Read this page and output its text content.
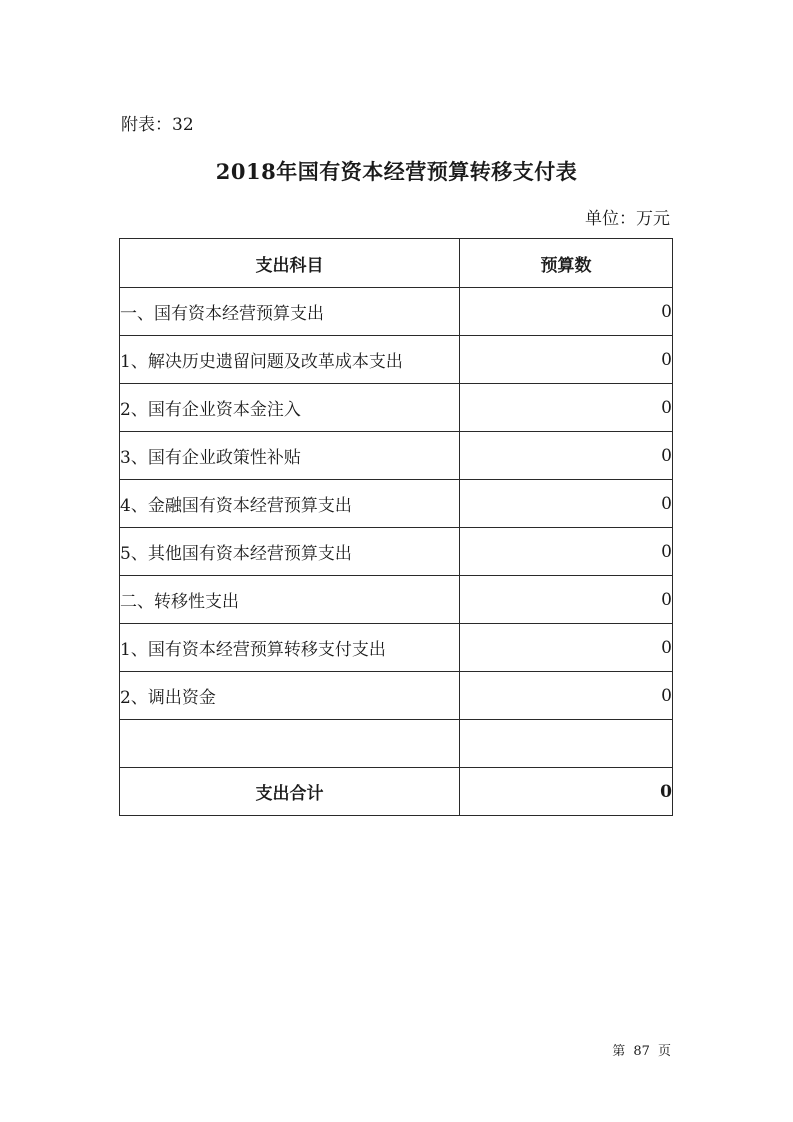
附表：32
2018年国有资本经营预算转移支付表
单位：万元
支出科目	预算数
一、国有资本经营预算支出	0
1、解决历史遗留问题及改革成本支出	0
2、国有企业资本金注入	0
3、国有企业政策性补贴	0
4、金融国有资本经营预算支出	0
5、其他国有资本经营预算支出	0
二、转移性支出	0
1、国有资本经营预算转移支付支出	0
2、调出资金	0

支出合计	0
第 87 页
